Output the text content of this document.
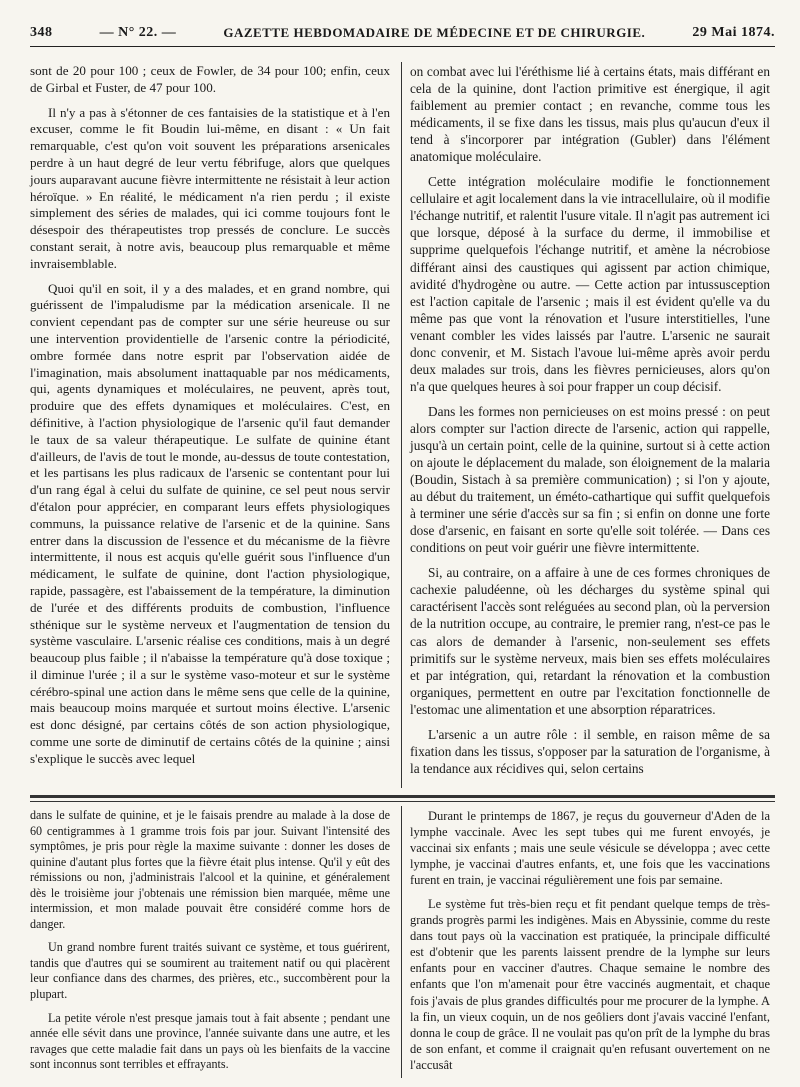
348	— N° 22. —	GAZETTE HEBDOMADAIRE DE MÉDECINE ET DE CHIRURGIE.	29 Mai 1874.

sont de 20 pour 100 ; ceux de Fowler, de 34 pour 100; enfin, ceux de Girbal et Fuster, de 47 pour 100.

Il n'y a pas à s'étonner de ces fantaisies de la statistique et à l'en excuser, comme le fit Boudin lui-même, en disant : « Un fait remarquable, c'est qu'on voit souvent les préparations arsenicales perdre à un haut degré de leur vertu fébrifuge, alors que quelques jours auparavant aucune fièvre intermittente ne résistait à leur action héroïque. » En réalité, le médicament n'a rien perdu ; il existe simplement des séries de malades, qui ici comme toujours font le désespoir des thérapeutistes trop pressés de conclure. Le succès constant serait, à notre avis, beaucoup plus remarquable et même invraisemblable.

Quoi qu'il en soit, il y a des malades, et en grand nombre, qui guérissent de l'impaludisme par la médication arsenicale. Il ne convient cependant pas de compter sur une série heureuse ou sur une intervention providentielle de l'arsenic contre la périodicité, ombre formée dans notre esprit par l'observation aidée de l'imagination, mais absolument inattaquable par nos médicaments, qui, agents dynamiques et moléculaires, ne peuvent, après tout, produire que des effets dynamiques et moléculaires. C'est, en définitive, à l'action physiologique de l'arsenic qu'il faut demander le taux de sa valeur thérapeutique. Le sulfate de quinine étant d'ailleurs, de l'avis de tout le monde, au-dessus de toute contestation, et les partisans les plus radicaux de l'arsenic se contentant pour lui d'un rang égal à celui du sulfate de quinine, ce sel peut nous servir d'étalon pour apprécier, en comparant leurs effets physiologiques communs, la puissance relative de l'arsenic et de la quinine. Sans entrer dans la discussion de l'essence et du mécanisme de la fièvre intermittente, il nous est acquis qu'elle guérit sous l'influence d'un médicament, le sulfate de quinine, dont l'action physiologique, rapide, passagère, est l'abaissement de la température, la diminution de l'urée et des différents produits de combustion, l'influence sthénique sur le système nerveux et l'augmentation de tension du système vasculaire. L'arsenic réalise ces conditions, mais à un degré beaucoup plus faible ; il n'abaisse la température qu'à dose toxique ; il diminue l'urée ; il a sur le système vaso-moteur et sur le système cérébro-spinal une action dans le même sens que celle de la quinine, mais beaucoup moins marquée et surtout moins élective. L'arsenic est donc désigné, par certains côtés de son action physiologique, comme une sorte de diminutif de certains côtés de la quinine ; ainsi s'explique le succès avec lequel

on combat avec lui l'éréthisme lié à certains états, mais différant en cela de la quinine, dont l'action primitive est énergique, il agit faiblement au premier contact ; en revanche, comme tous les médicaments, il se fixe dans les tissus, mais plus qu'aucun d'eux il tend à s'incorporer par intégration (Gubler) dans l'élément anatomique moléculaire.

Cette intégration moléculaire modifie le fonctionnement cellulaire et agit localement dans la vie intracellulaire, où il modifie l'échange nutritif, et ralentit l'usure vitale. Il n'agit pas autrement ici que lorsque, déposé à la surface du derme, il immobilise et supprime quelquefois l'échange nutritif, et amène la nécrobiose différant ainsi des caustiques qui agissent par action chimique, avidité d'hydrogène ou autre. — Cette action par intussusception est l'action capitale de l'arsenic ; mais il est évident qu'elle va du même pas que vont la rénovation et l'usure interstitielles, l'une venant combler les vides laissés par l'autre. L'arsenic ne saurait donc convenir, et M. Sistach l'avoue lui-même après avoir perdu deux malades sur trois, dans les fièvres pernicieuses, alors qu'on n'a que quelques heures à soi pour frapper un coup décisif.

Dans les formes non pernicieuses on est moins pressé : on peut alors compter sur l'action directe de l'arsenic, action qui rappelle, jusqu'à un certain point, celle de la quinine, surtout si à cette action on ajoute le déplacement du malade, son éloignement de la malaria (Boudin, Sistach à sa première communication) ; si l'on y ajoute, au début du traitement, un éméto-cathartique qui suffit quelquefois à terminer une série d'accès sur sa fin ; si enfin on donne une forte dose d'arsenic, en faisant en sorte qu'elle soit tolérée. — Dans ces conditions on peut voir guérir une fièvre intermittente.

Si, au contraire, on a affaire à une de ces formes chroniques de cachexie paludéenne, où les décharges du système spinal qui caractérisent l'accès sont reléguées au second plan, où la perversion de la nutrition occupe, au contraire, le premier rang, n'est-ce pas le cas alors de demander à l'arsenic, non-seulement ses effets primitifs sur le système nerveux, mais bien ses effets moléculaires et par intégration, qui, retardant la rénovation et la combustion organiques, permettent en outre par l'excitation fonctionnelle de l'estomac une alimentation et une absorption réparatrices.

L'arsenic a un autre rôle : il semble, en raison même de sa fixation dans les tissus, s'opposer par la saturation de l'organisme, à la tendance aux récidives qui, selon certains

dans le sulfate de quinine, et je le faisais prendre au malade à la dose de 60 centigrammes à 1 gramme trois fois par jour. Suivant l'intensité des symptômes, je pris pour règle la maxime suivante : donner les doses de quinine d'autant plus fortes que la fièvre était plus intense. Qu'il y eût des rémissions ou non, j'administrais l'alcool et la quinine, et généralement dès le troisième jour j'obtenais une rémission bien marquée, même une intermission, et mon malade pouvait être considéré comme hors de danger.

Un grand nombre furent traités suivant ce système, et tous guérirent, tandis que d'autres qui se soumirent au traitement natif ou qui placèrent leur confiance dans des charmes, des prières, etc., succombèrent pour la plupart.

La petite vérole n'est presque jamais tout à fait absente ; pendant une année elle sévit dans une province, l'année suivante dans une autre, et les ravages que cette maladie fait dans un pays où les bienfaits de la vaccine sont inconnus sont terribles et effrayants.

Durant le printemps de 1867, je reçus du gouverneur d'Aden de la lymphe vaccinale. Avec les sept tubes qui me furent envoyés, je vaccinai six enfants ; mais une seule vésicule se développa ; avec cette lymphe, je vaccinai d'autres enfants, et, une fois que les vaccinations furent en train, je vaccinai régulièrement une fois par semaine.

Le système fut très-bien reçu et fit pendant quelque temps de très-grands progrès parmi les indigènes. Mais en Abyssinie, comme du reste dans tout pays où la vaccination est pratiquée, la principale difficulté est d'obtenir que les parents laissent prendre de la lymphe sur leurs enfants pour en vacciner d'autres. Chaque semaine le nombre des enfants que l'on m'amenait pour être vaccinés augmentait, et chaque fois j'avais de plus grandes difficultés pour me procurer de la lymphe. A la fin, un vieux coquin, un de nos geôliers dont j'avais vacciné l'enfant, donna le coup de grâce. Il ne voulait pas qu'on prît de la lymphe du bras de son enfant, et comme il craignait qu'en refusant ouvertement on ne l'accusât
